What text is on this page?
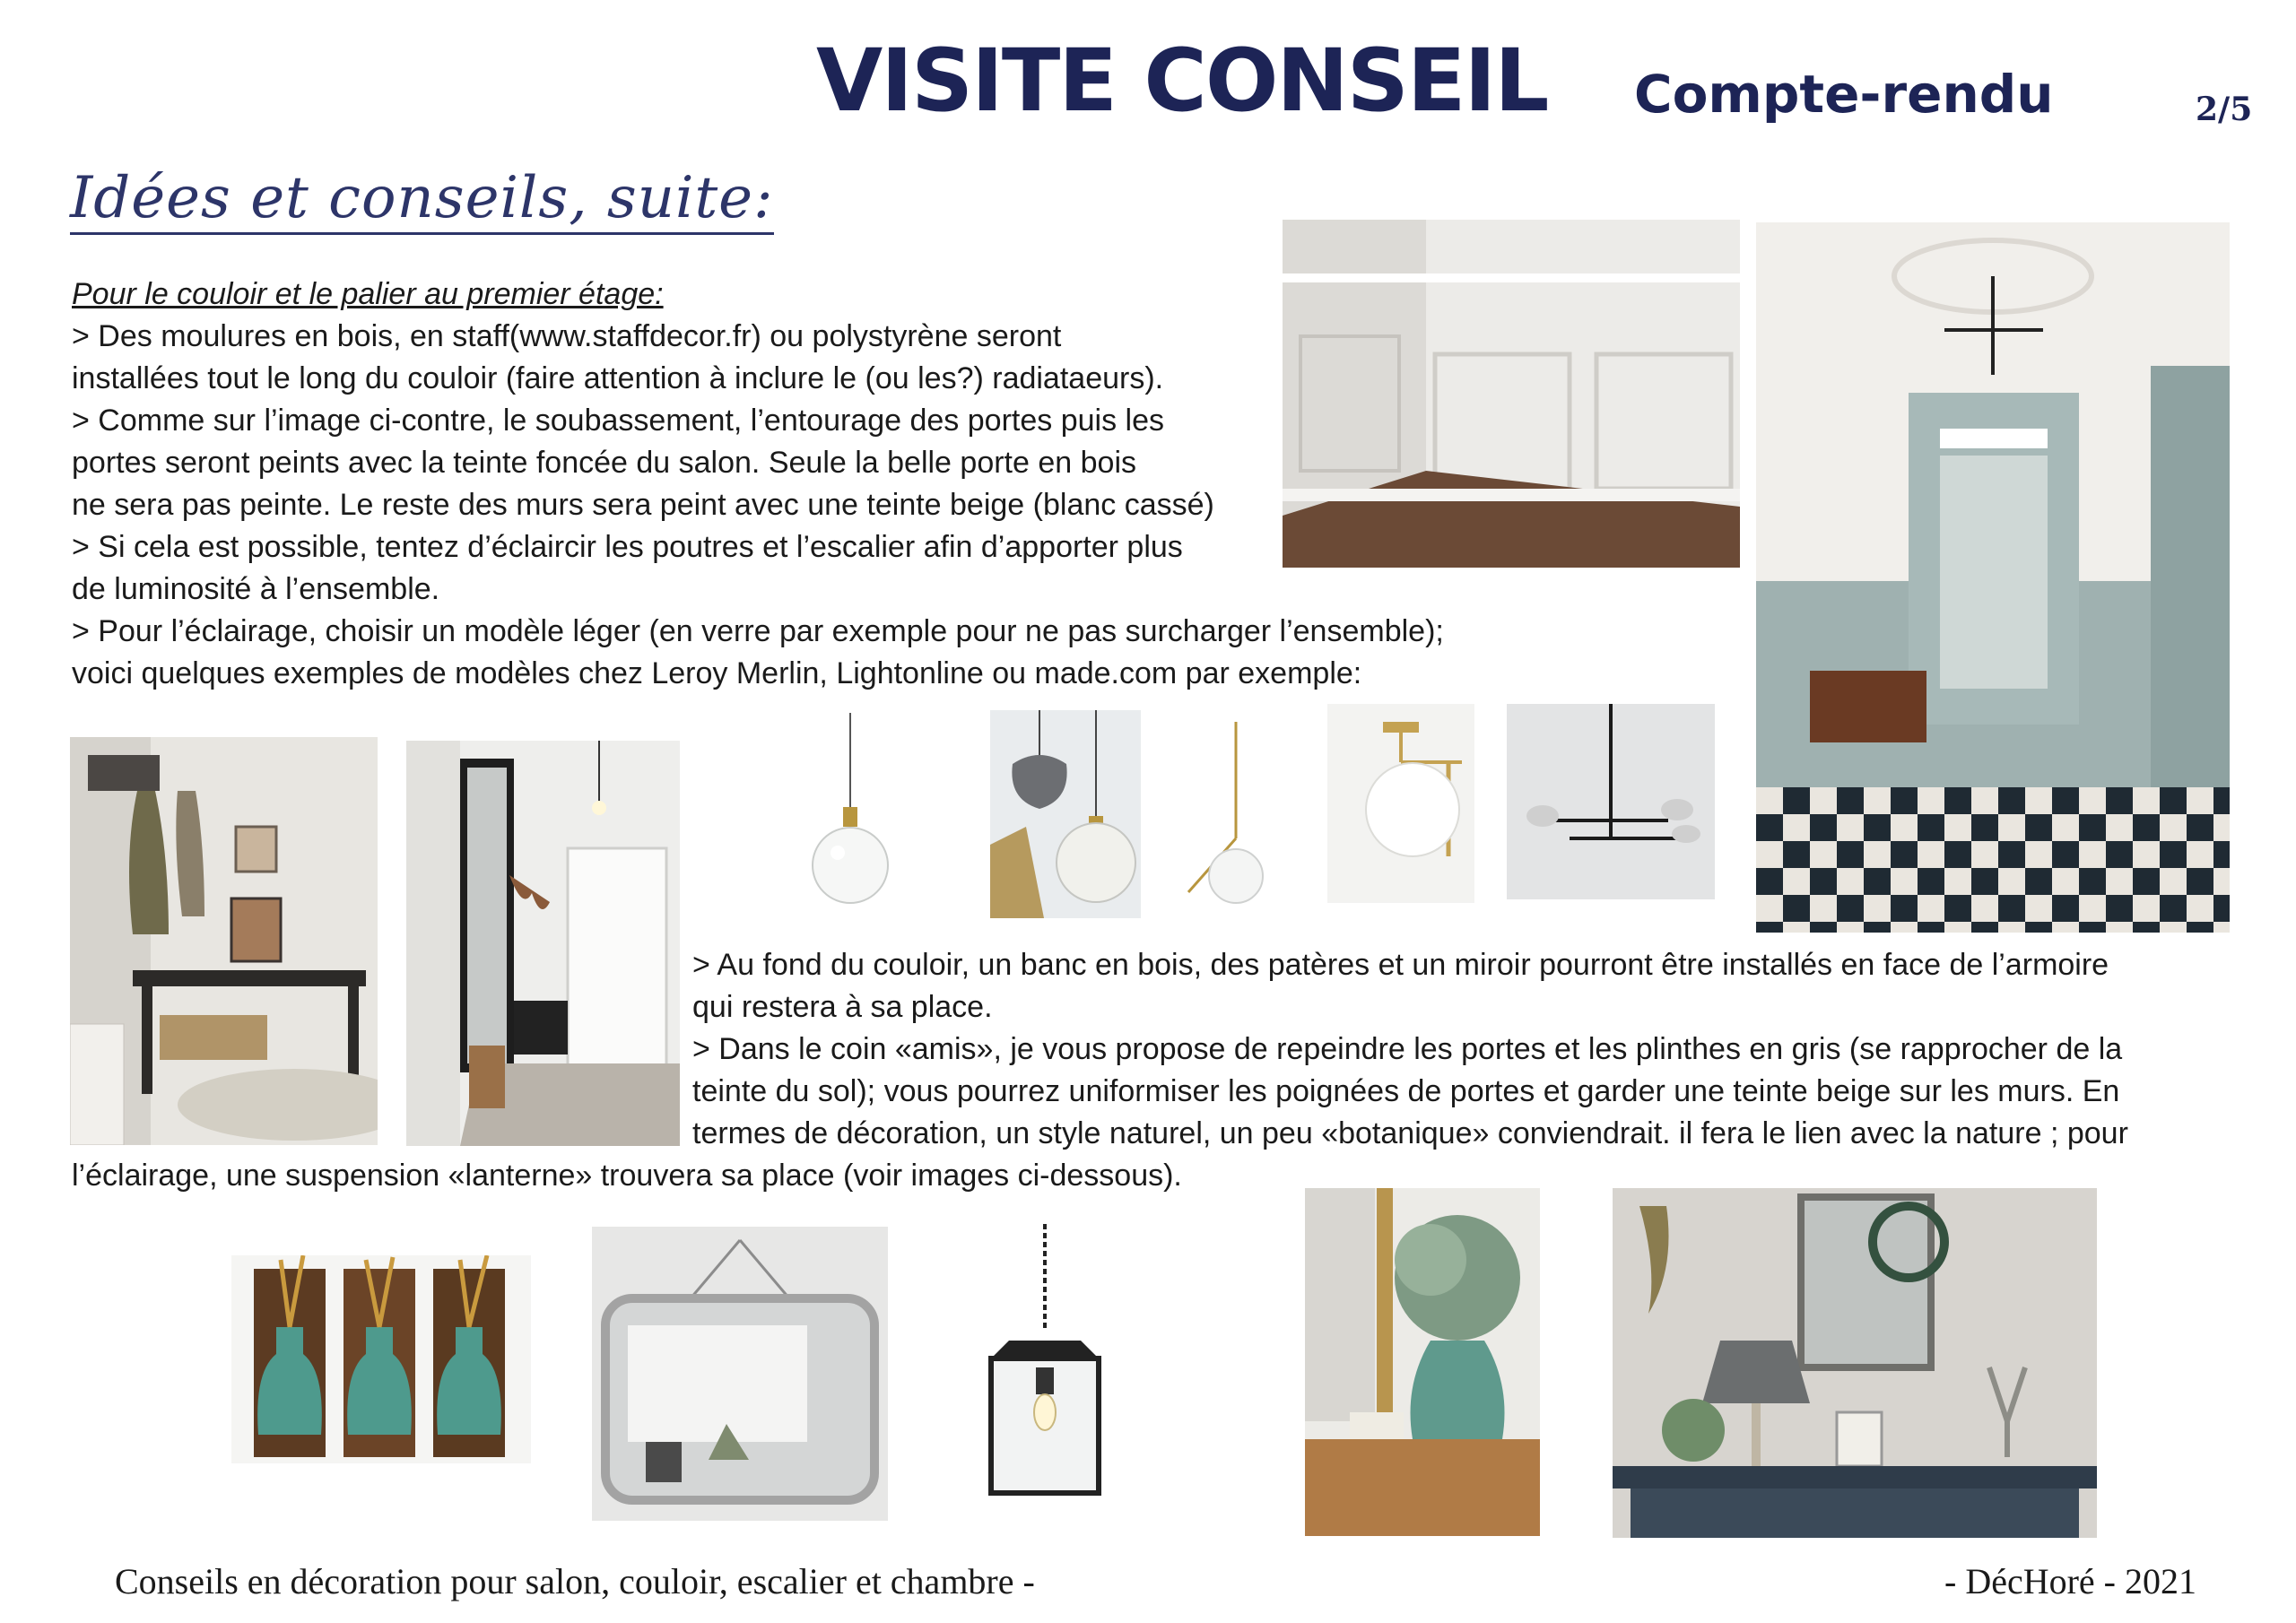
VISITE CONSEIL Compte-rendu	2/5
Idées et conseils, suite:
Pour le couloir et le palier au premier étage:
> Des moulures en bois, en staff(www.staffdecor.fr) ou polystyrène seront
installées tout le long du couloir (faire attention à inclure le (ou les?) radiataeurs).
> Comme sur l’image ci-contre, le soubassement, l’entourage des portes puis les
portes seront peints avec la teinte foncée du salon. Seule la belle porte en bois
ne sera pas peinte. Le reste des murs sera peint avec une teinte beige (blanc cassé)
> Si cela est possible, tentez d’éclaircir les poutres et l’escalier afin d’apporter plus
de luminosité à l’ensemble.
> Pour l’éclairage, choisir un modèle léger (en verre par exemple pour ne pas surcharger l’ensemble);
voici quelques exemples de modèles chez Leroy Merlin, Lightonline ou made.com par exemple:
> Au fond du couloir, un banc en bois, des patères et un miroir pourront être installés en face de l’armoire
qui restera à sa place.
> Dans le coin «amis», je vous propose de repeindre les portes et les plinthes en gris (se rapprocher de la
teinte du sol); vous pourrez uniformiser les poignées de portes et garder une teinte beige sur les murs. En
termes de décoration, un style naturel, un peu «botanique» conviendrait. il fera le lien avec la nature ; pour
l’éclairage, une suspension «lanterne» trouvera sa place (voir images ci-dessous).
Conseils en décoration pour salon, couloir, escalier et chambre -	- DécHoré - 2021
